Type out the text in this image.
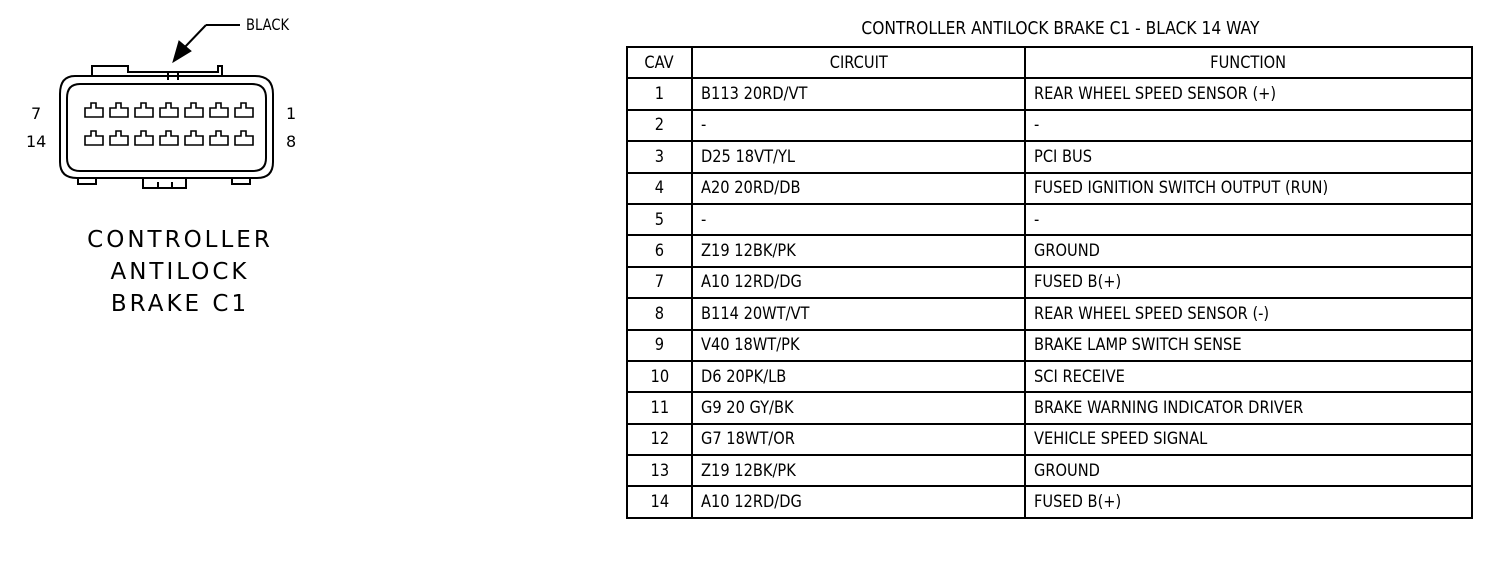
BLACK
7	1
14	8
CONTROLLER
ANTILOCK
BRAKE C1
CONTROLLER ANTILOCK BRAKE C1 - BLACK 14 WAY
CAV	CIRCUIT	FUNCTION
1	B113 20RD/VT	REAR WHEEL SPEED SENSOR (+)
2	-	-
3	D25 18VT/YL	PCI BUS
4	A20 20RD/DB	FUSED IGNITION SWITCH OUTPUT (RUN)
5	-	-
6	Z19 12BK/PK	GROUND
7	A10 12RD/DG	FUSED B(+)
8	B114 20WT/VT	REAR WHEEL SPEED SENSOR (-)
9	V40 18WT/PK	BRAKE LAMP SWITCH SENSE
10	D6 20PK/LB	SCI RECEIVE
11	G9 20 GY/BK	BRAKE WARNING INDICATOR DRIVER
12	G7 18WT/OR	VEHICLE SPEED SIGNAL
13	Z19 12BK/PK	GROUND
14	A10 12RD/DG	FUSED B(+)
